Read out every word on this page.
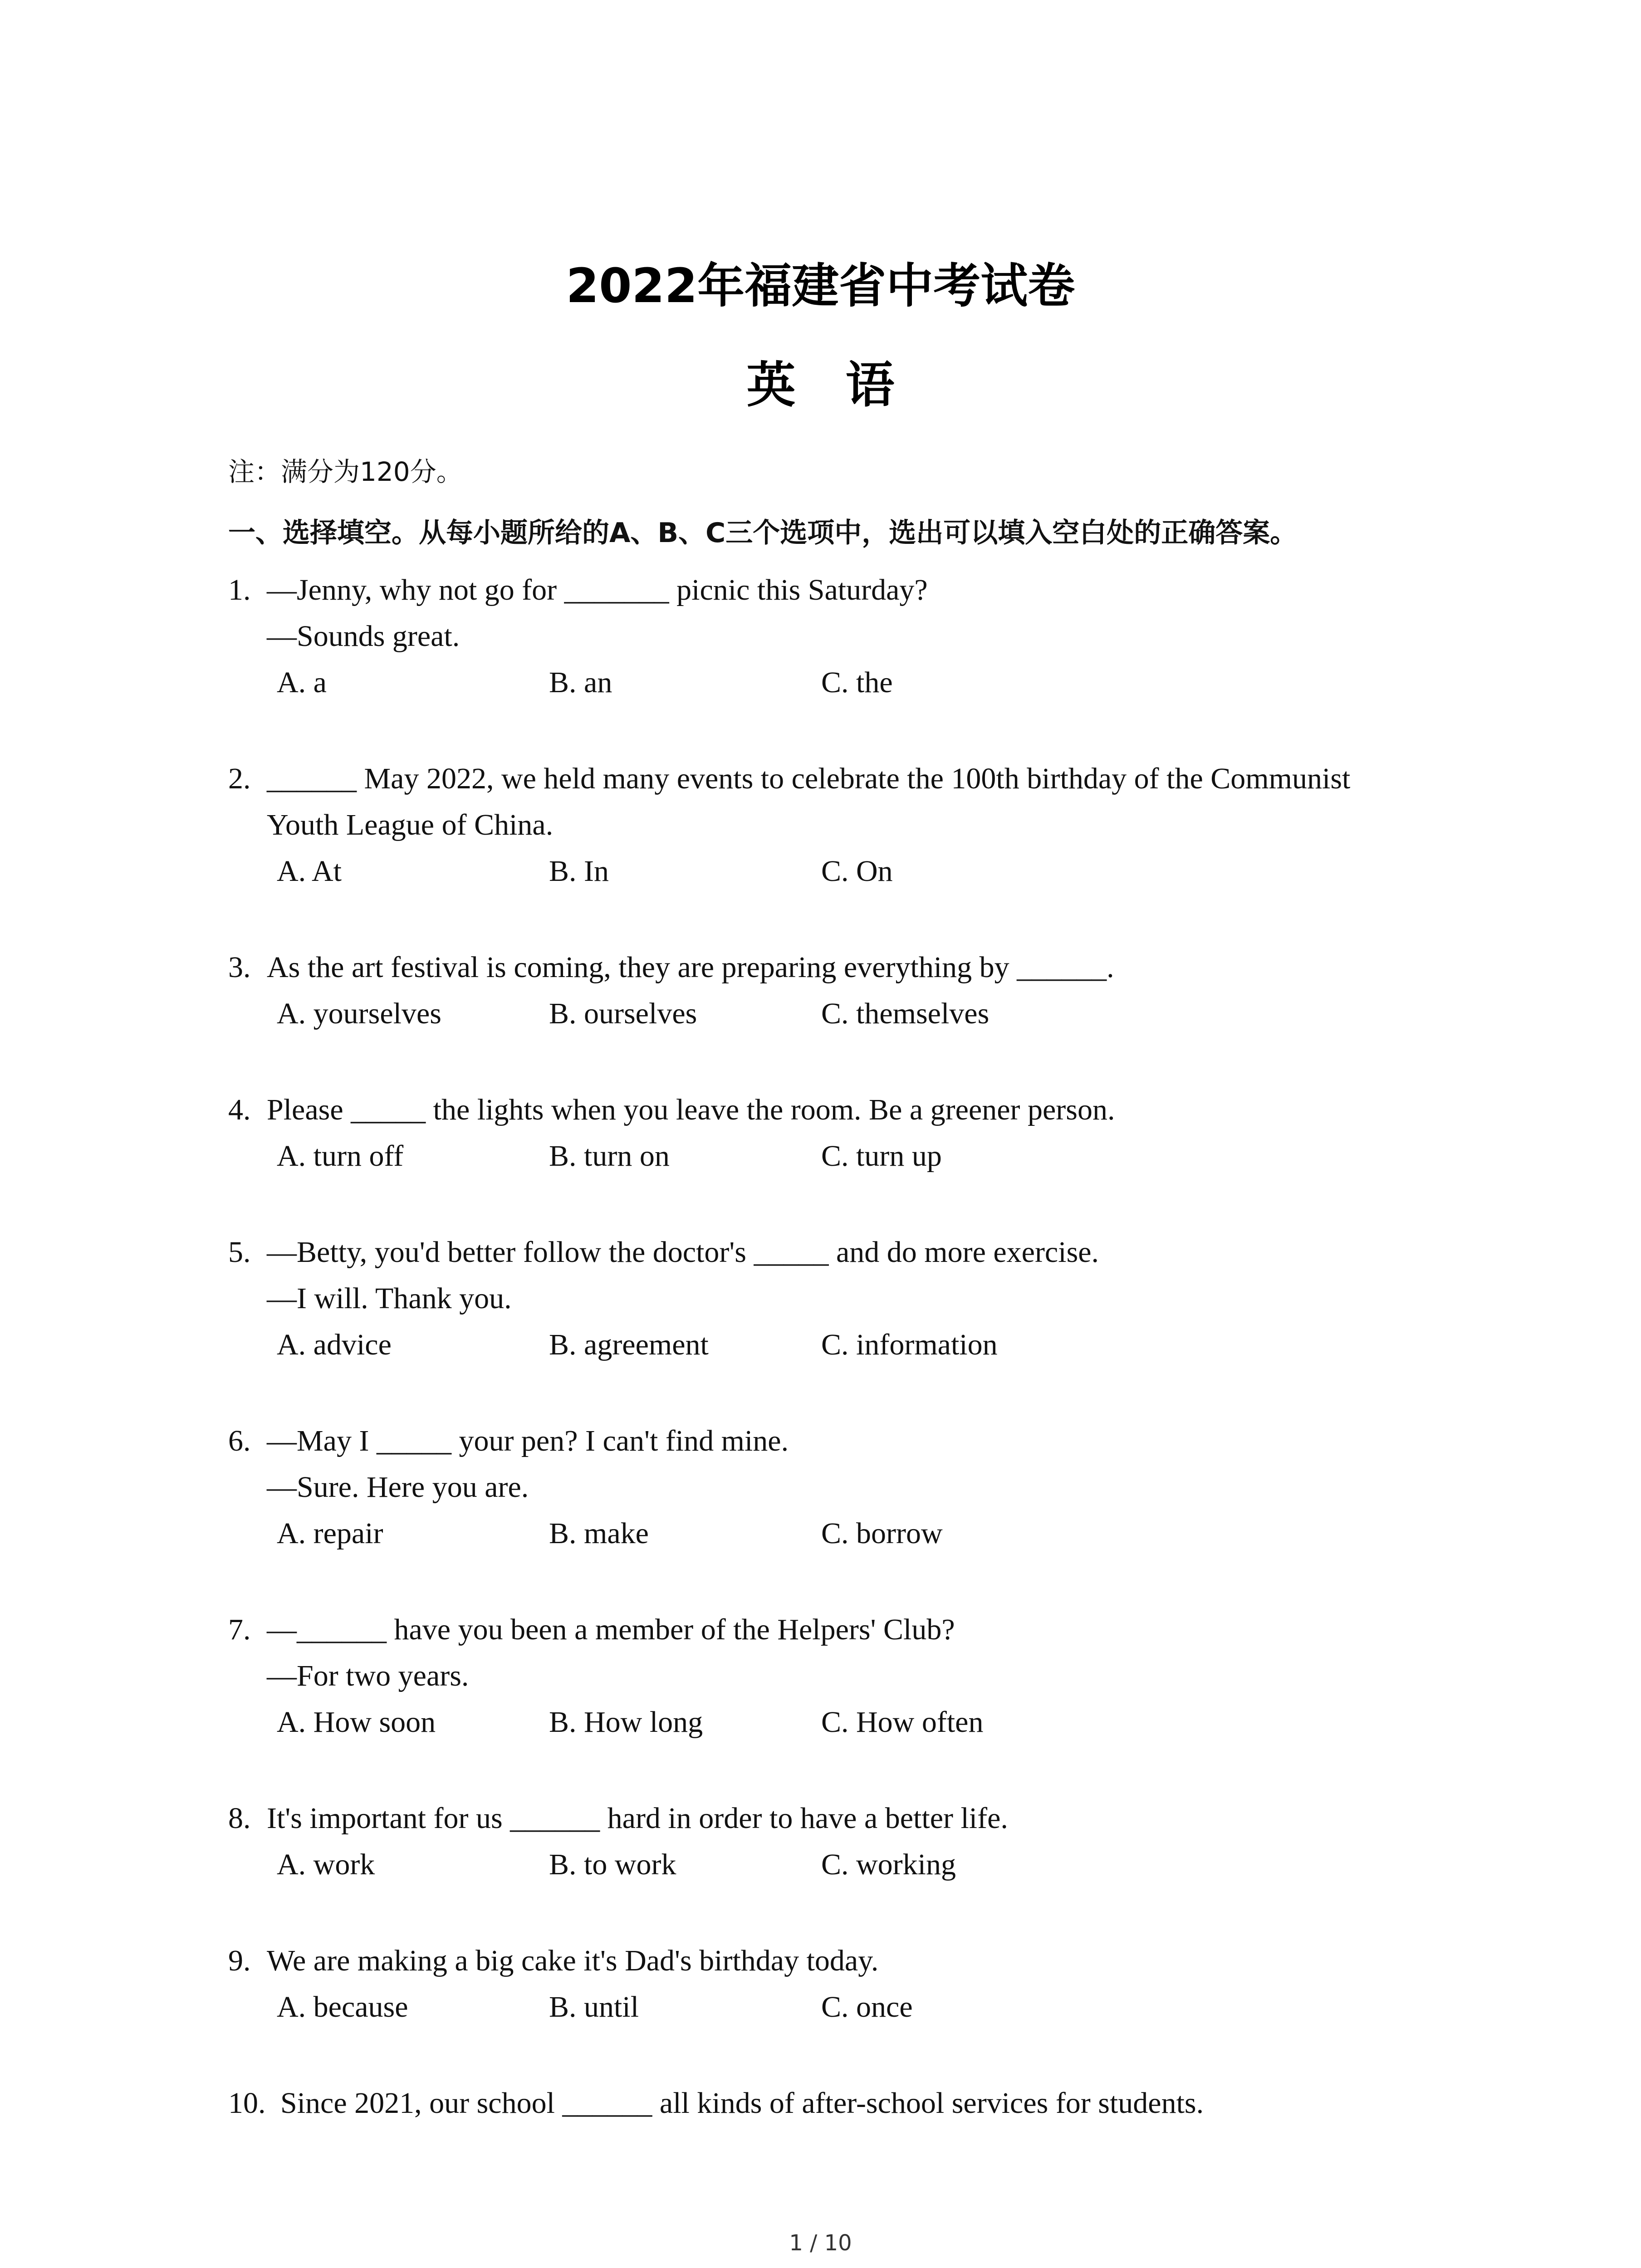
2022年福建省中考试卷
英语
注：满分为120分。
一、选择填空。从每小题所给的A、B、C三个选项中，选出可以填入空白处的正确答案。
1. —Jenny, why not go for _______ picnic this Saturday?
—Sounds great.
A. a	B. an	C. the
2. ______ May 2022, we held many events to celebrate the 100th birthday of the Communist
Youth League of China.
A. At	B. In	C. On
3. As the art festival is coming, they are preparing everything by ______.
A. yourselves	B. ourselves	C. themselves
4. Please _____ the lights when you leave the room. Be a greener person.
A. turn off	B. turn on	C. turn up
5. —Betty, you'd better follow the doctor's _____ and do more exercise.
—I will. Thank you.
A. advice	B. agreement	C. information
6. —May I _____ your pen? I can't find mine.
—Sure. Here you are.
A. repair	B. make	C. borrow
7. —______ have you been a member of the Helpers' Club?
—For two years.
A. How soon	B. How long	C. How often
8. It's important for us ______ hard in order to have a better life.
A. work	B. to work	C. working
9. We are making a big cake it's Dad's birthday today.
A. because	B. until	C. once
10. Since 2021, our school ______ all kinds of after-school services for students.
1 / 10
